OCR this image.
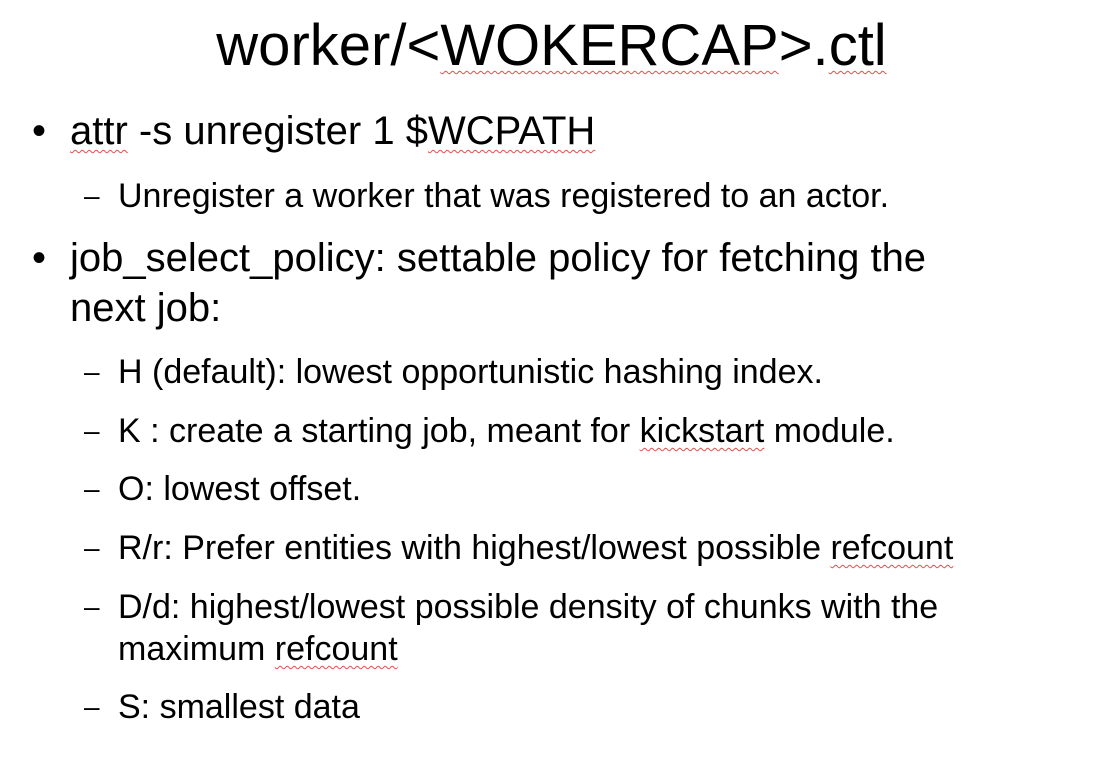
worker/<WOKERCAP>.ctl
• attr -s unregister 1 $WCPATH
– Unregister a worker that was registered to an actor.
• job_select_policy: settable policy for fetching the
next job:
– H (default): lowest opportunistic hashing index.
– K : create a starting job, meant for kickstart module.
– O: lowest offset.
– R/r: Prefer entities with highest/lowest possible refcount
– D/d: highest/lowest possible density of chunks with the
maximum refcount
– S: smallest data
